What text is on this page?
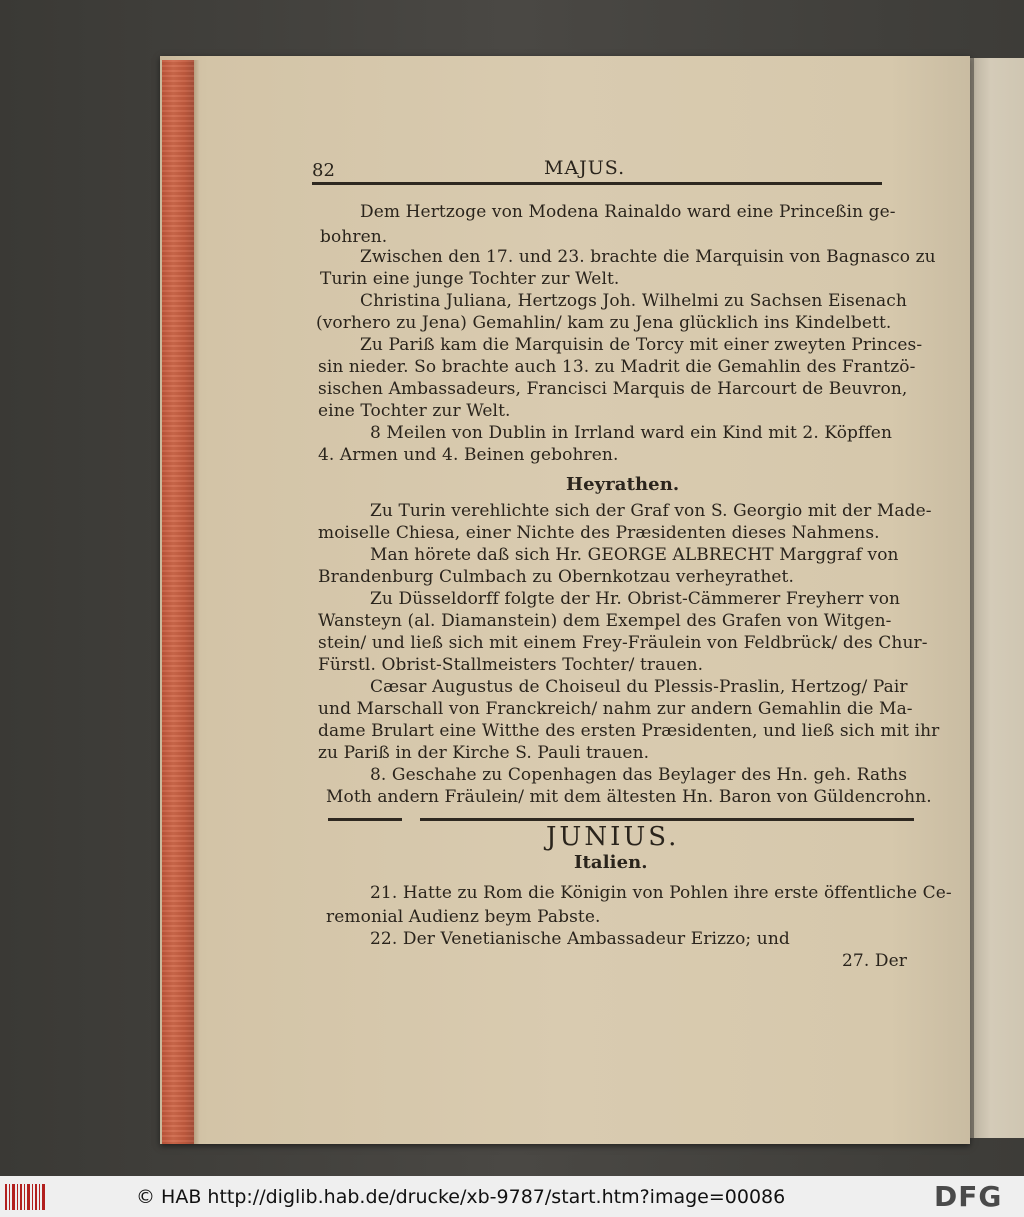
82	MAJUS.
Dem Hertzoge von Modena Rainaldo ward eine Princeßin ge-
bohren.
Zwischen den 17. und 23. brachte die Marquisin von Bagnasco zu
Turin eine junge Tochter zur Welt.
Christina Juliana, Hertzogs Joh. Wilhelmi zu Sachsen Eisenach
(vorhero zu Jena) Gemahlin/ kam zu Jena glücklich ins Kindelbett.
Zu Pariß kam die Marquisin de Torcy mit einer zweyten Princes-
sin nieder. So brachte auch 13. zu Madrit die Gemahlin des Frantzö-
sischen Ambassadeurs, Francisci Marquis de Harcourt de Beuvron,
eine Tochter zur Welt.
8 Meilen von Dublin in Irrland ward ein Kind mit 2. Köpffen
4. Armen und 4. Beinen gebohren.
Heyrathen.
Zu Turin verehlichte sich der Graf von S. Georgio mit der Made-
moiselle Chiesa, einer Nichte des Præsidenten dieses Nahmens.
Man hörete daß sich Hr. GEORGE ALBRECHT Marggraf von
Brandenburg Culmbach zu Obernkotzau verheyrathet.
Zu Düsseldorff folgte der Hr. Obrist-Cämmerer Freyherr von
Wansteyn (al. Diamanstein) dem Exempel des Grafen von Witgen-
stein/ und ließ sich mit einem Frey-Fräulein von Feldbrück/ des Chur-
Fürstl. Obrist-Stallmeisters Tochter/ trauen.
Cæsar Augustus de Choiseul du Plessis-Praslin, Hertzog/ Pair
und Marschall von Franckreich/ nahm zur andern Gemahlin die Ma-
dame Brulart eine Witthe des ersten Præsidenten, und ließ sich mit ihr
zu Pariß in der Kirche S. Pauli trauen.
8. Geschahe zu Copenhagen das Beylager des Hn. geh. Raths
Moth andern Fräulein/ mit dem ältesten Hn. Baron von Güldencrohn.
JUNIUS.
Italien.
21. Hatte zu Rom die Königin von Pohlen ihre erste öffentliche Ce-
remonial Audienz beym Pabste.
22. Der Venetianische Ambassadeur Erizzo; und
27. Der
© HAB http://diglib.hab.de/drucke/xb-9787/start.htm?image=00086	DFG
